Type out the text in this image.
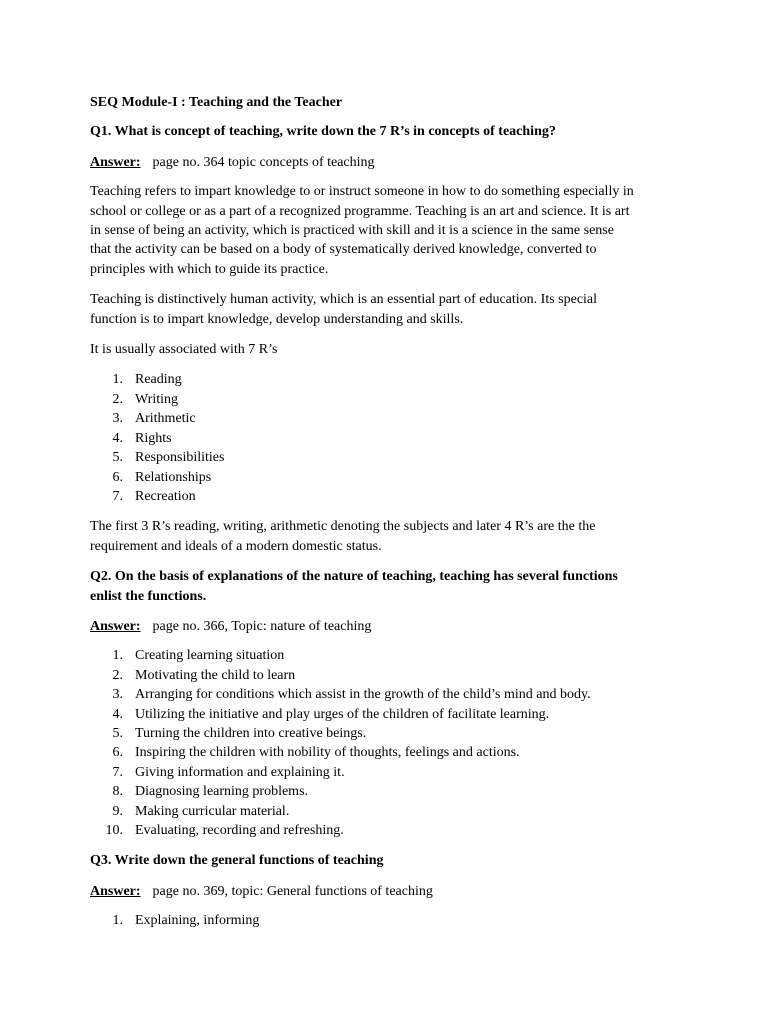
SEQ Module-I : Teaching and the Teacher
Q1. What is concept of teaching, write down the 7 R’s in concepts of teaching?
Answer: page no. 364 topic concepts of teaching
Teaching refers to impart knowledge to or instruct someone in how to do something especially in
school or college or as a part of a recognized programme. Teaching is an art and science. It is art
in sense of being an activity, which is practiced with skill and it is a science in the same sense
that the activity can be based on a body of systematically derived knowledge, converted to
principles with which to guide its practice.
Teaching is distinctively human activity, which is an essential part of education. Its special
function is to impart knowledge, develop understanding and skills.
It is usually associated with 7 R’s
1. Reading
2. Writing
3. Arithmetic
4. Rights
5. Responsibilities
6. Relationships
7. Recreation
The first 3 R’s reading, writing, arithmetic denoting the subjects and later 4 R’s are the the
requirement and ideals of a modern domestic status.
Q2. On the basis of explanations of the nature of teaching, teaching has several functions
enlist the functions.
Answer: page no. 366, Topic: nature of teaching
1. Creating learning situation
2. Motivating the child to learn
3. Arranging for conditions which assist in the growth of the child’s mind and body.
4. Utilizing the initiative and play urges of the children of facilitate learning.
5. Turning the children into creative beings.
6. Inspiring the children with nobility of thoughts, feelings and actions.
7. Giving information and explaining it.
8. Diagnosing learning problems.
9. Making curricular material.
10. Evaluating, recording and refreshing.
Q3. Write down the general functions of teaching
Answer: page no. 369, topic: General functions of teaching
1. Explaining, informing
